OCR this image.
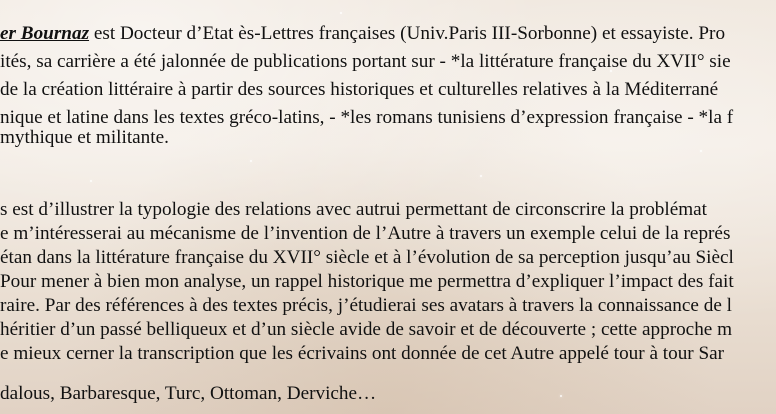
er Bournaz est Docteur d’Etat ès-Lettres françaises (Univ.Paris III-Sorbonne) et essayiste. Pro
ités, sa carrière a été jalonnée de publications portant sur - *la littérature française du XVII° sie
de la création littéraire à partir des sources historiques et culturelles relatives à la Méditerrané
nique et latine dans les textes gréco-latins, - *les romans tunisiens d’expression française - *la f
mythique et militante.
s est d’illustrer la typologie des relations avec autrui permettant de circonscrire la problémat
e m’intéresserai au mécanisme de l’invention de l’Autre à travers un exemple celui de la représ
étan dans la littérature française du XVII° siècle et à l’évolution de sa perception jusqu’au Siècl
Pour mener à bien mon analyse, un rappel historique me permettra d’expliquer l’impact des fait
raire. Par des références à des textes précis, j’étudierai ses avatars à travers la connaissance de l
héritier d’un passé belliqueux et d’un siècle avide de savoir et de découverte ; cette approche m
e mieux cerner la transcription que les écrivains ont donnée de cet Autre appelé tour à tour Sar
dalous, Barbaresque, Turc, Ottoman, Derviche…
